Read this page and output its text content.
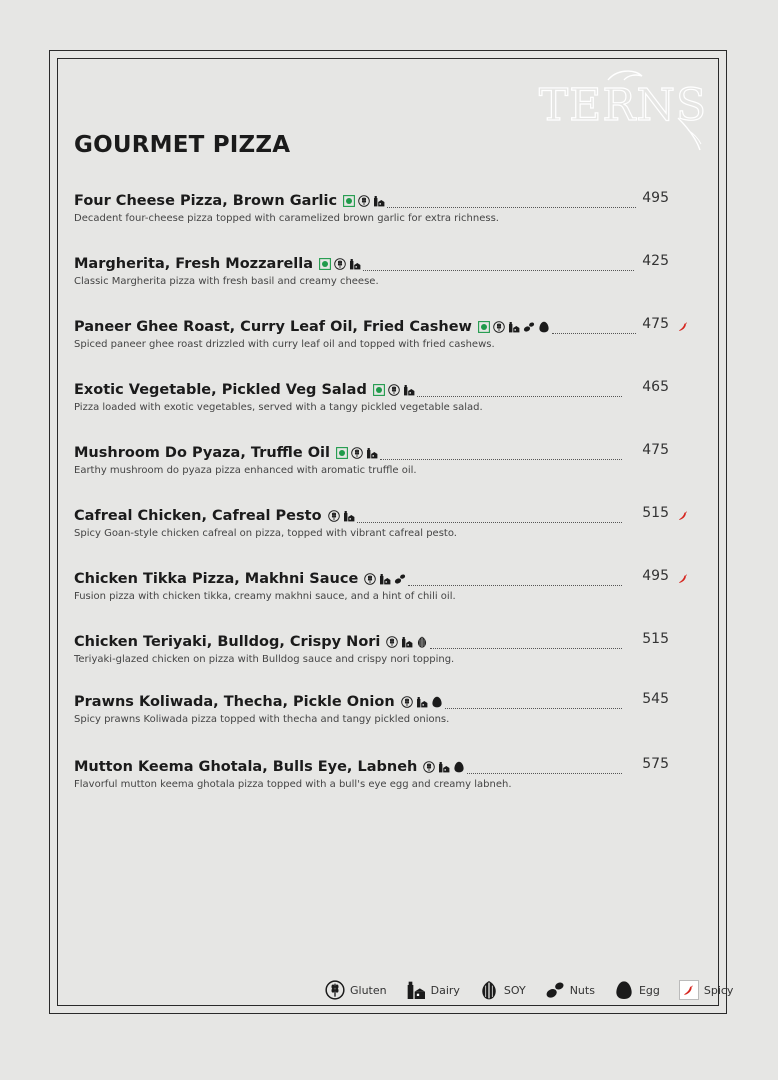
TERNS
GOURMET PIZZA
Four Cheese Pizza, Brown Garlic
Decadent four-cheese pizza topped with caramelized brown garlic for extra richness.
495
Margherita, Fresh Mozzarella
Classic Margherita pizza with fresh basil and creamy cheese.
425
Paneer Ghee Roast, Curry Leaf Oil, Fried Cashew
Spiced paneer ghee roast drizzled with curry leaf oil and topped with fried cashews.
475
Exotic Vegetable, Pickled Veg Salad
Pizza loaded with exotic vegetables, served with a tangy pickled vegetable salad.
465
Mushroom Do Pyaza, Truffle Oil
Earthy mushroom do pyaza pizza enhanced with aromatic truffle oil.
475
Cafreal Chicken, Cafreal Pesto
Spicy Goan-style chicken cafreal on pizza, topped with vibrant cafreal pesto.
515
Chicken Tikka Pizza, Makhni Sauce
Fusion pizza with chicken tikka, creamy makhni sauce, and a hint of chili oil.
495
Chicken Teriyaki, Bulldog, Crispy Nori
Teriyaki-glazed chicken on pizza with Bulldog sauce and crispy nori topping.
515
Prawns Koliwada, Thecha, Pickle Onion
Spicy prawns Koliwada pizza topped with thecha and tangy pickled onions.
545
Mutton Keema Ghotala, Bulls Eye, Labneh
Flavorful mutton keema ghotala pizza topped with a bull's eye egg and creamy labneh.
575
Gluten	Dairy	SOY	Nuts	Egg	Spicy
